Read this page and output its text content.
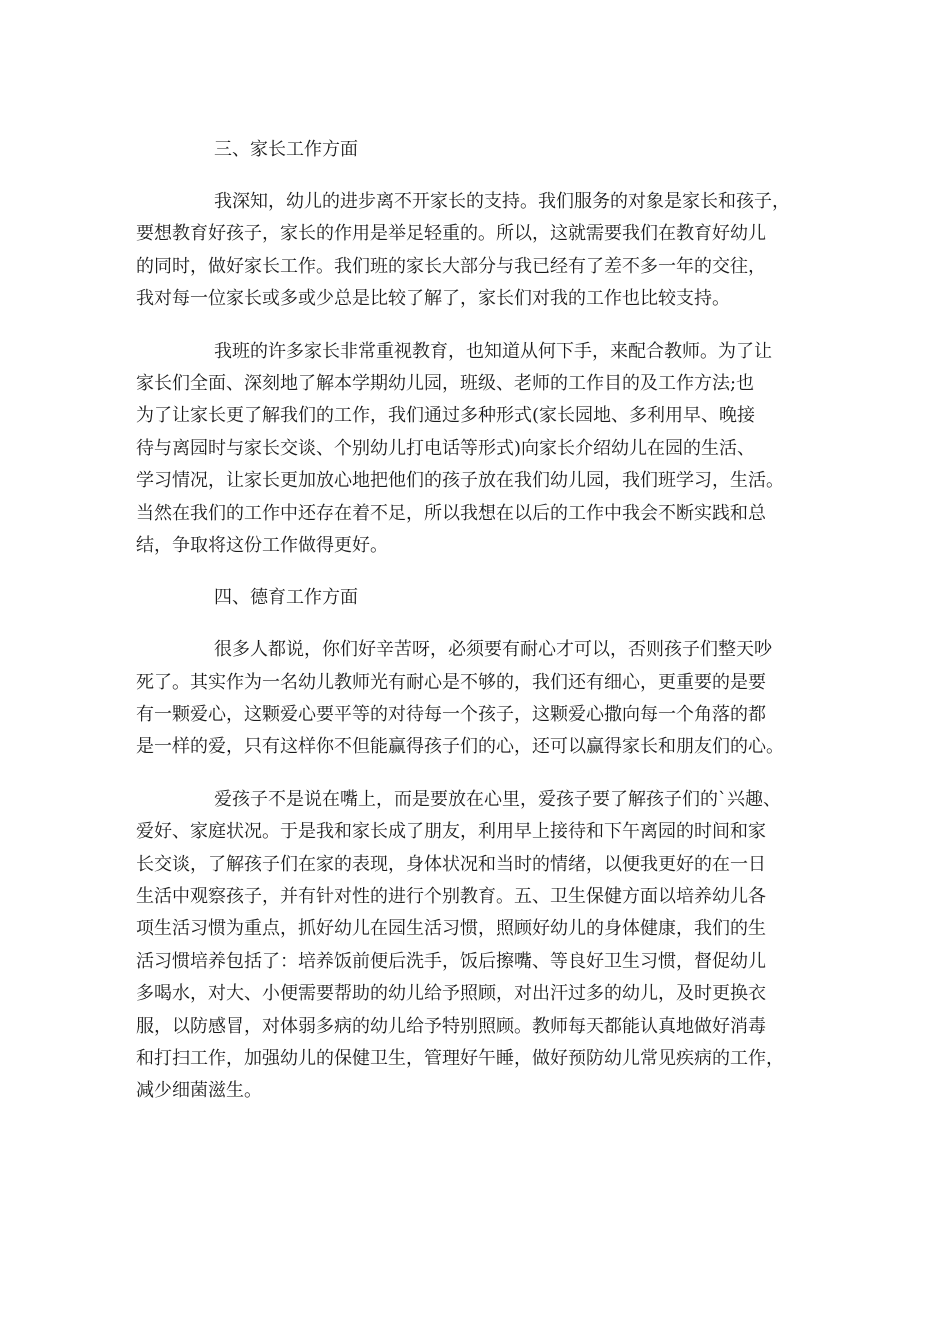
三、家长工作方面
我深知，幼儿的进步离不开家长的支持。我们服务的对象是家长和孩子，
要想教育好孩子，家长的作用是举足轻重的。所以，这就需要我们在教育好幼儿
的同时，做好家长工作。我们班的家长大部分与我已经有了差不多一年的交往，
我对每一位家长或多或少总是比较了解了，家长们对我的工作也比较支持。
我班的许多家长非常重视教育，也知道从何下手，来配合教师。为了让
家长们全面、深刻地了解本学期幼儿园，班级、老师的工作目的及工作方法;也
为了让家长更了解我们的工作，我们通过多种形式(家长园地、多利用早、晚接
待与离园时与家长交谈、个别幼儿打电话等形式)向家长介绍幼儿在园的生活、
学习情况，让家长更加放心地把他们的孩子放在我们幼儿园，我们班学习，生活。
当然在我们的工作中还存在着不足，所以我想在以后的工作中我会不断实践和总
结，争取将这份工作做得更好。
四、德育工作方面
很多人都说，你们好辛苦呀，必须要有耐心才可以，否则孩子们整天吵
死了。其实作为一名幼儿教师光有耐心是不够的，我们还有细心，更重要的是要
有一颗爱心，这颗爱心要平等的对待每一个孩子，这颗爱心撒向每一个角落的都
是一样的爱，只有这样你不但能赢得孩子们的心，还可以赢得家长和朋友们的心。
爱孩子不是说在嘴上，而是要放在心里，爱孩子要了解孩子们的`兴趣、
爱好、家庭状况。于是我和家长成了朋友，利用早上接待和下午离园的时间和家
长交谈，了解孩子们在家的表现，身体状况和当时的情绪，以便我更好的在一日
生活中观察孩子，并有针对性的进行个别教育。五、卫生保健方面以培养幼儿各
项生活习惯为重点，抓好幼儿在园生活习惯，照顾好幼儿的身体健康，我们的生
活习惯培养包括了：培养饭前便后洗手，饭后擦嘴、等良好卫生习惯，督促幼儿
多喝水，对大、小便需要帮助的幼儿给予照顾，对出汗过多的幼儿，及时更换衣
服，以防感冒，对体弱多病的幼儿给予特别照顾。教师每天都能认真地做好消毒
和打扫工作，加强幼儿的保健卫生，管理好午睡，做好预防幼儿常见疾病的工作，
减少细菌滋生。
